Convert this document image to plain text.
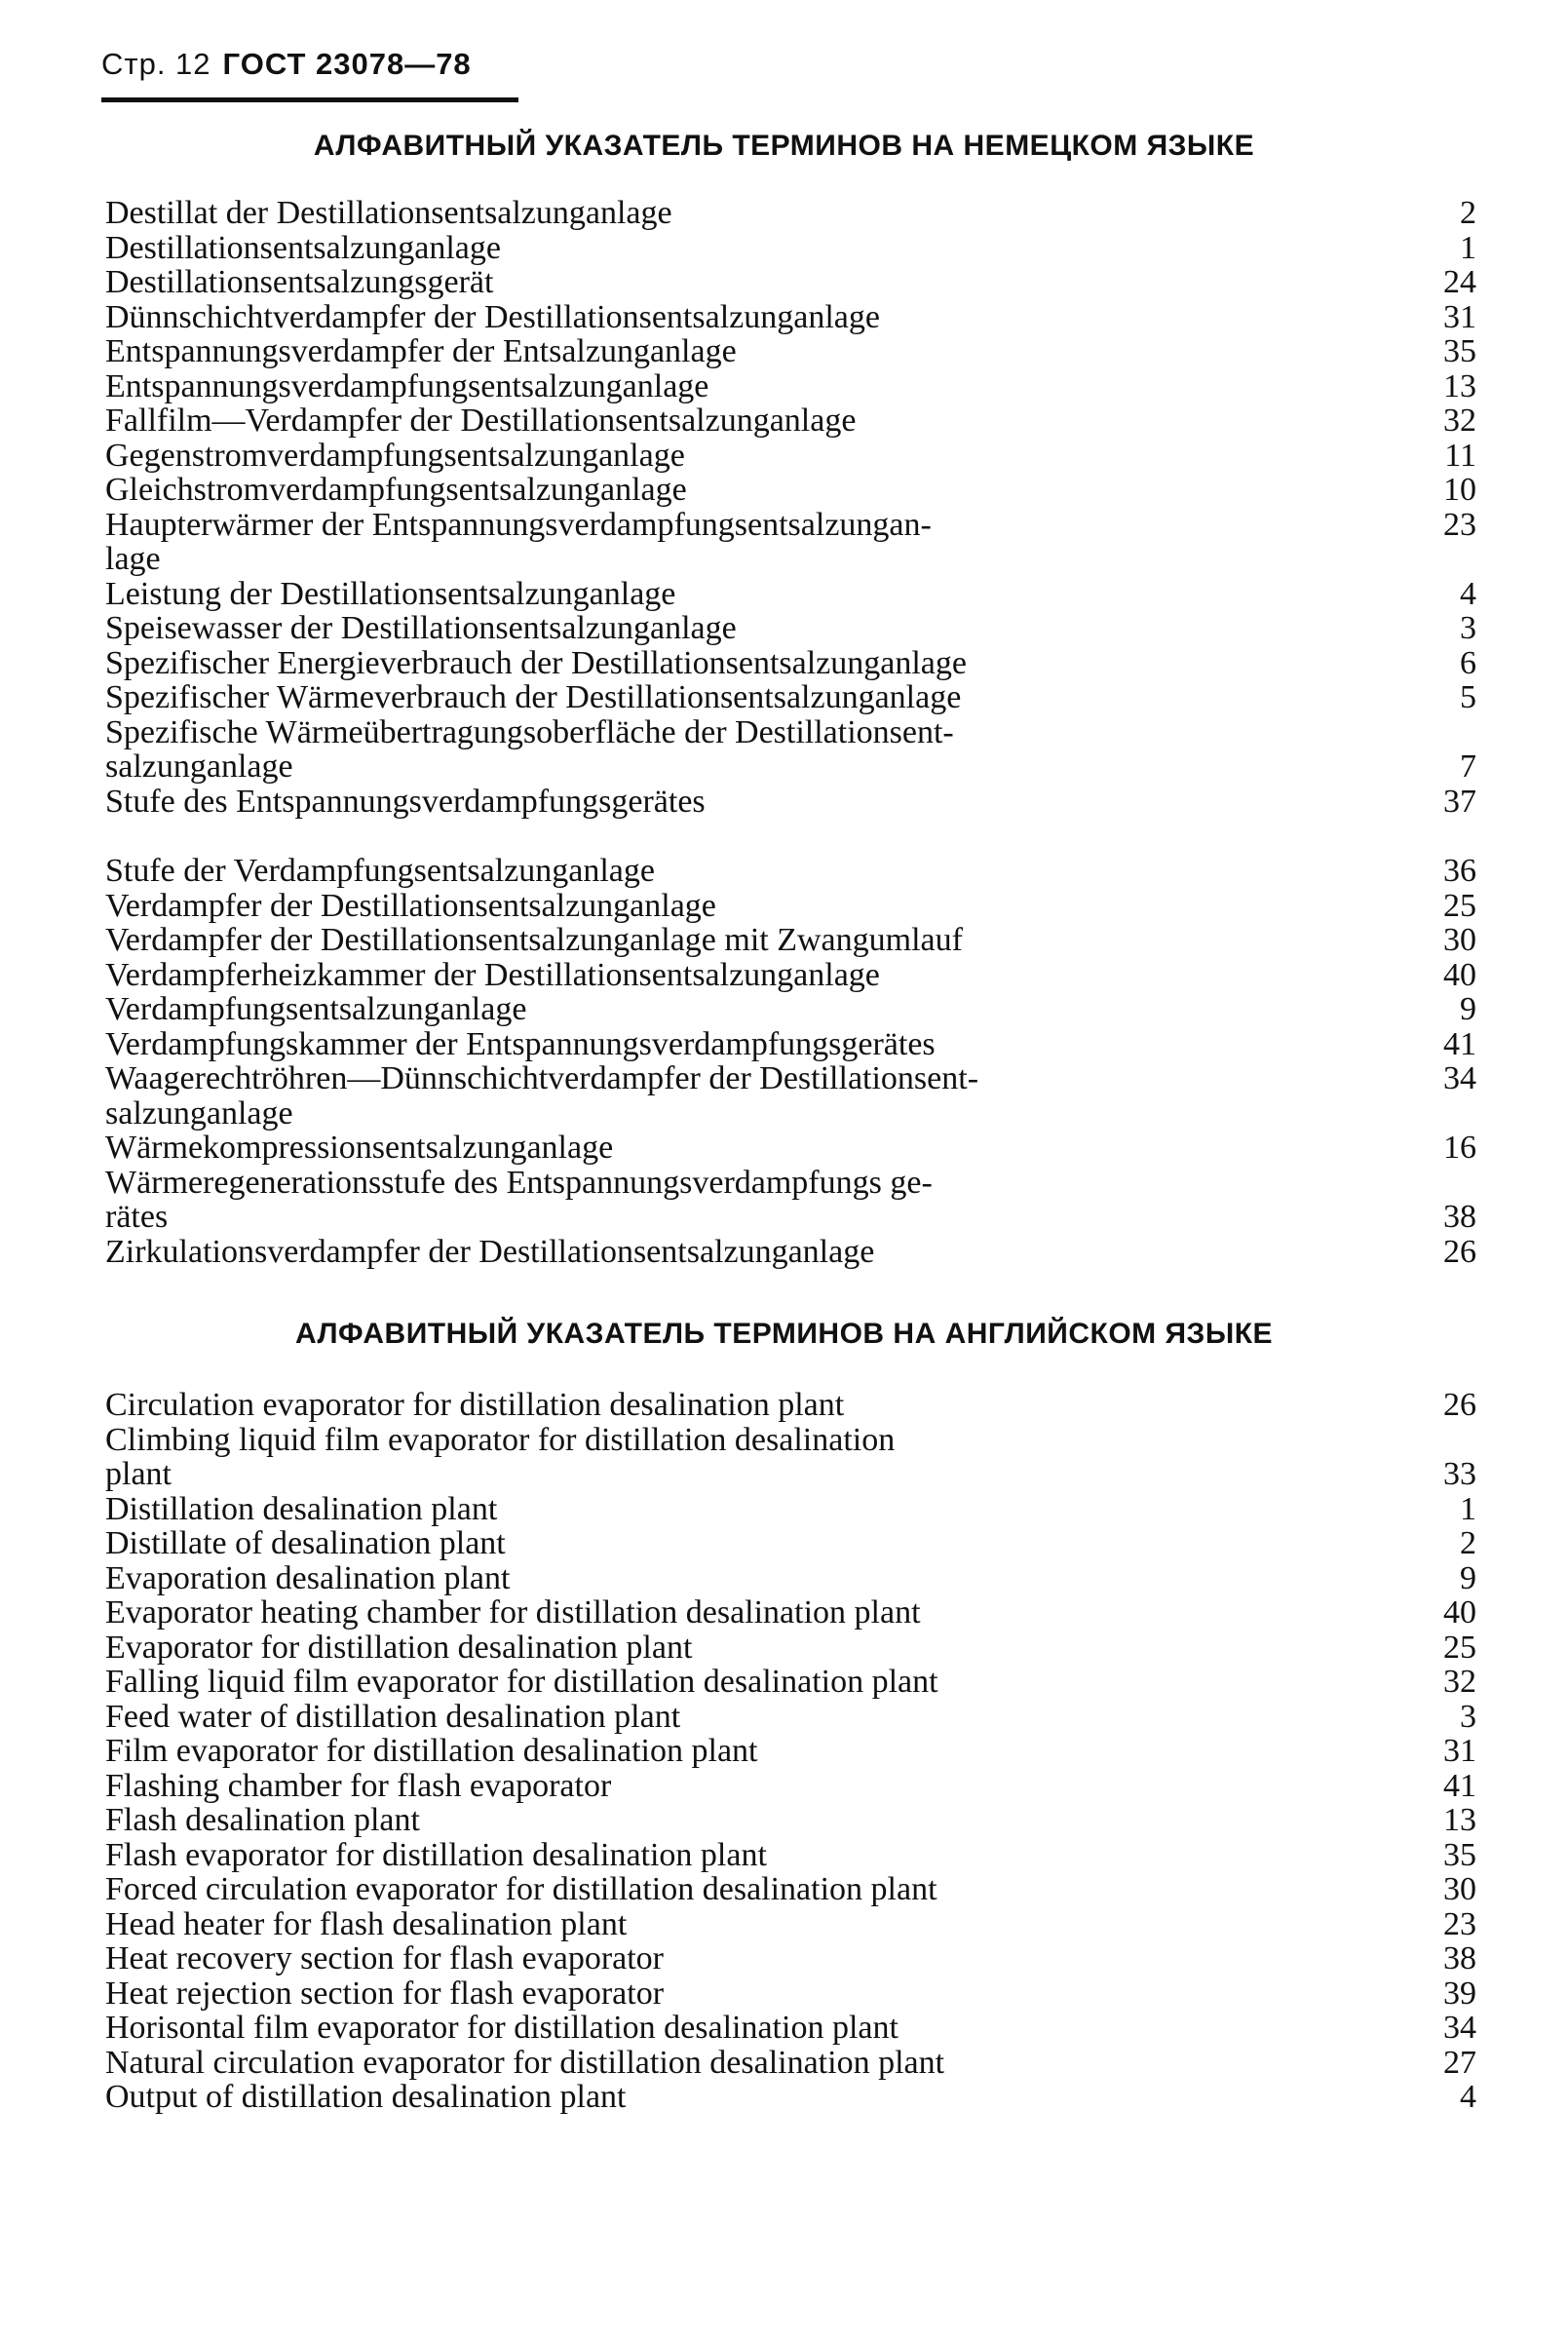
Стр. 12 ГОСТ 23078—78
АЛФАВИТНЫЙ УКАЗАТЕЛЬ ТЕРМИНОВ НА НЕМЕЦКОМ ЯЗЫКЕ
Destillat der Destillationsentsalzunganlage	2
Destillationsentsalzunganlage	1
Destillationsentsalzungsgerät	24
Dünnschichtverdampfer der Destillationsentsalzunganlage	31
Entspannungsverdampfer der Entsalzunganlage	35
Entspannungsverdampfungsentsalzunganlage	13
Fallfilm—Verdampfer der Destillationsentsalzunganlage	32
Gegenstromverdampfungsentsalzunganlage	11
Gleichstromverdampfungsentsalzunganlage	10
Haupterwärmer der Entspannungsverdampfungsentsalzungan-	23
lage
Leistung der Destillationsentsalzunganlage	4
Speisewasser der Destillationsentsalzunganlage	3
Spezifischer Energieverbrauch der Destillationsentsalzunganlage	6
Spezifischer Wärmeverbrauch der Destillationsentsalzunganlage	5
Spezifische Wärmeübertragungsoberfläche der Destillationsent-
salzunganlage	7
Stufe des Entspannungsverdampfungsgerätes	37
Stufe der Verdampfungsentsalzunganlage	36
Verdampfer der Destillationsentsalzunganlage	25
Verdampfer der Destillationsentsalzunganlage mit Zwangumlauf	30
Verdampferheizkammer der Destillationsentsalzunganlage	40
Verdampfungsentsalzunganlage	9
Verdampfungskammer der Entspannungsverdampfungsgerätes	41
Waagerechtröhren—Dünnschichtverdampfer der Destillationsent-	34
salzunganlage
Wärmekompressionsentsalzunganlage	16
Wärmeregenerationsstufe des Entspannungsverdampfungs ge-
rätes	38
Zirkulationsverdampfer der Destillationsentsalzunganlage	26
АЛФАВИТНЫЙ УКАЗАТЕЛЬ ТЕРМИНОВ НА АНГЛИЙСКОМ ЯЗЫКЕ
Circulation evaporator for distillation desalination plant	26
Climbing liquid film evaporator for distillation desalination
plant	33
Distillation desalination plant	1
Distillate of desalination plant	2
Evaporation desalination plant	9
Evaporator heating chamber for distillation desalination plant	40
Evaporator for distillation desalination plant	25
Falling liquid film evaporator for distillation desalination plant	32
Feed water of distillation desalination plant	3
Film evaporator for distillation desalination plant	31
Flashing chamber for flash evaporator	41
Flash desalination plant	13
Flash evaporator for distillation desalination plant	35
Forced circulation evaporator for distillation desalination plant	30
Head heater for flash desalination plant	23
Heat recovery section for flash evaporator	38
Heat rejection section for flash evaporator	39
Horisontal film evaporator for distillation desalination plant	34
Natural circulation evaporator for distillation desalination plant	27
Output of distillation desalination plant	4
